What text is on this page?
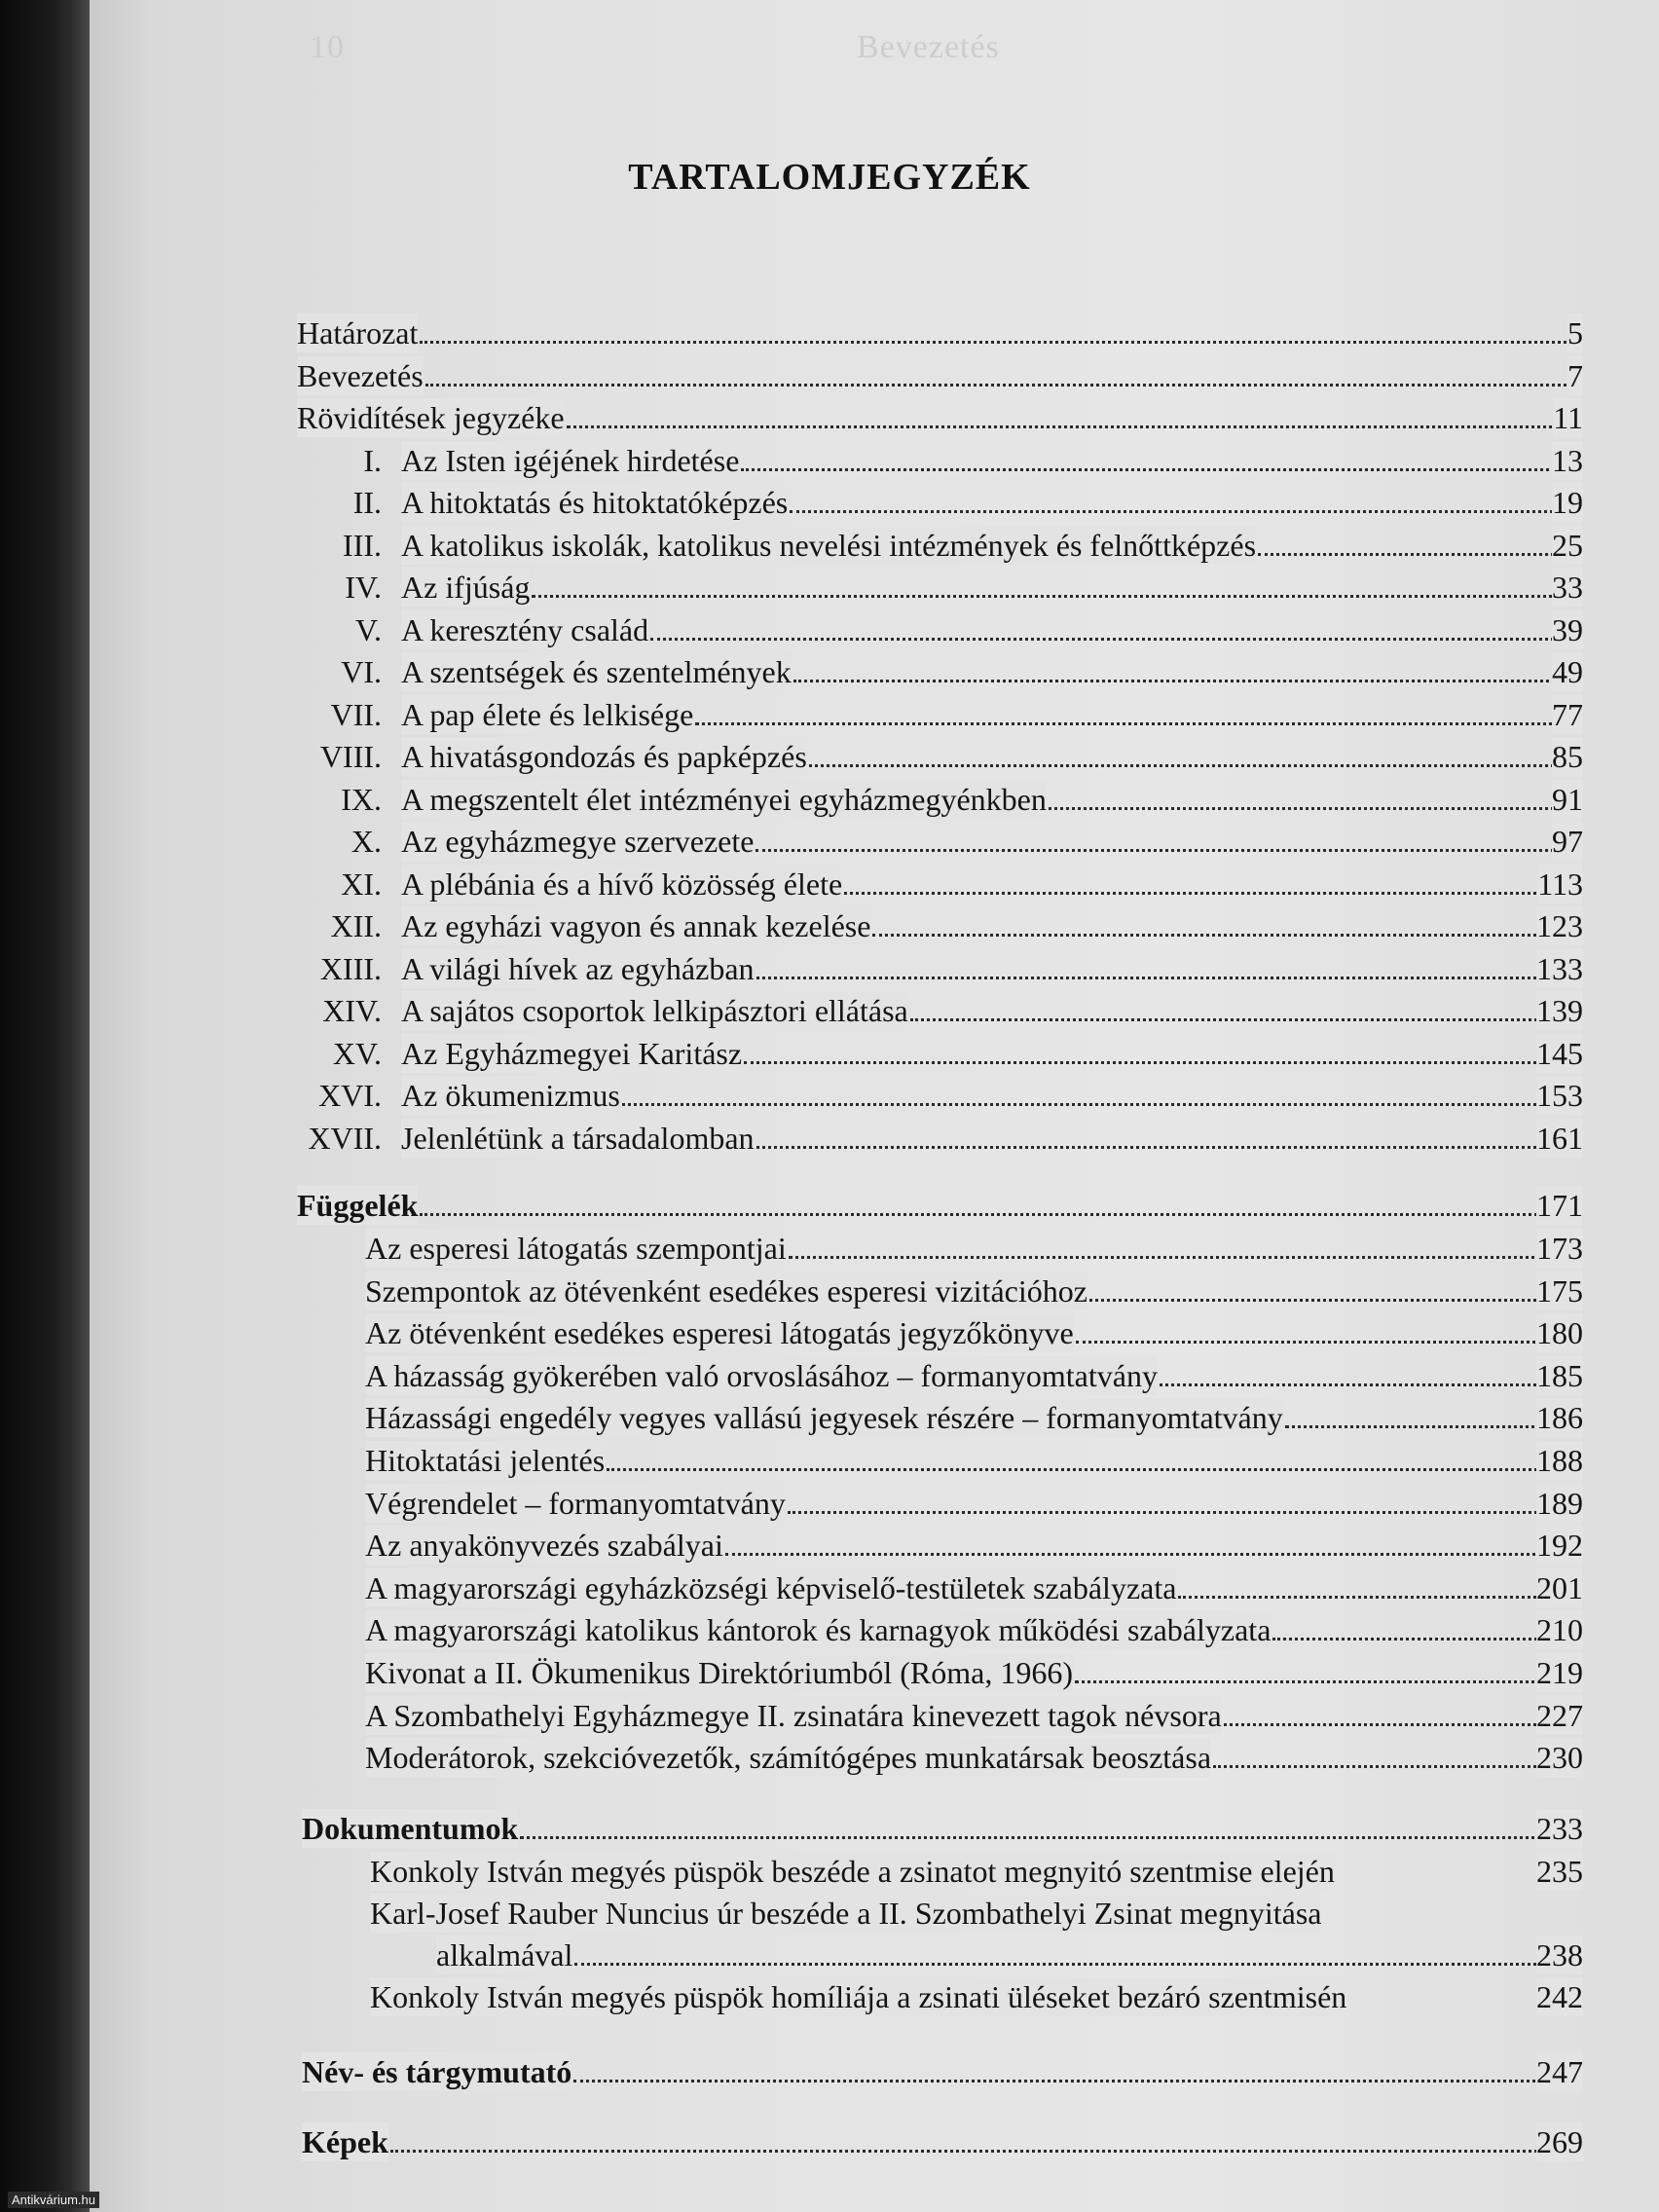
10	Bevezetés
TARTALOMJEGYZÉK
Határozat	5
Bevezetés	7
Rövidítések jegyzéke	11
I. Az Isten igéjének hirdetése	13
II. A hitoktatás és hitoktatóképzés	19
III. A katolikus iskolák, katolikus nevelési intézmények és felnőttképzés	25
IV. Az ifjúság	33
V. A keresztény család	39
VI. A szentségek és szentelmények	49
VII. A pap élete és lelkisége	77
VIII. A hivatásgondozás és papképzés	85
IX. A megszentelt élet intézményei egyházmegyénkben	91
X. Az egyházmegye szervezete	97
XI. A plébánia és a hívő közösség élete	113
XII. Az egyházi vagyon és annak kezelése	123
XIII. A világi hívek az egyházban	133
XIV. A sajátos csoportok lelkipásztori ellátása	139
XV. Az Egyházmegyei Karitász	145
XVI. Az ökumenizmus	153
XVII. Jelenlétünk a társadalomban	161
Függelék	171
Az esperesi látogatás szempontjai	173
Szempontok az ötévenként esedékes esperesi vizitációhoz	175
Az ötévenként esedékes esperesi látogatás jegyzőkönyve	180
A házasság gyökerében való orvoslásához – formanyomtatvány	185
Házassági engedély vegyes vallású jegyesek részére – formanyomtatvány	186
Hitoktatási jelentés	188
Végrendelet – formanyomtatvány	189
Az anyakönyvezés szabályai	192
A magyarországi egyházközségi képviselő-testületek szabályzata	201
A magyarországi katolikus kántorok és karnagyok működési szabályzata	210
Kivonat a II. Ökumenikus Direktóriumból (Róma, 1966)	219
A Szombathelyi Egyházmegye II. zsinatára kinevezett tagok névsora	227
Moderátorok, szekcióvezetők, számítógépes munkatársak beosztása	230
Dokumentumok	233
Konkoly István megyés püspök beszéde a zsinatot megnyitó szentmise elején	235
Karl-Josef Rauber Nuncius úr beszéde a II. Szombathelyi Zsinat megnyitása
alkalmával	238
Konkoly István megyés püspök homíliája a zsinati üléseket bezáró szentmisén	242
Név- és tárgymutató	247
Képek	269
Antikvárium.hu
